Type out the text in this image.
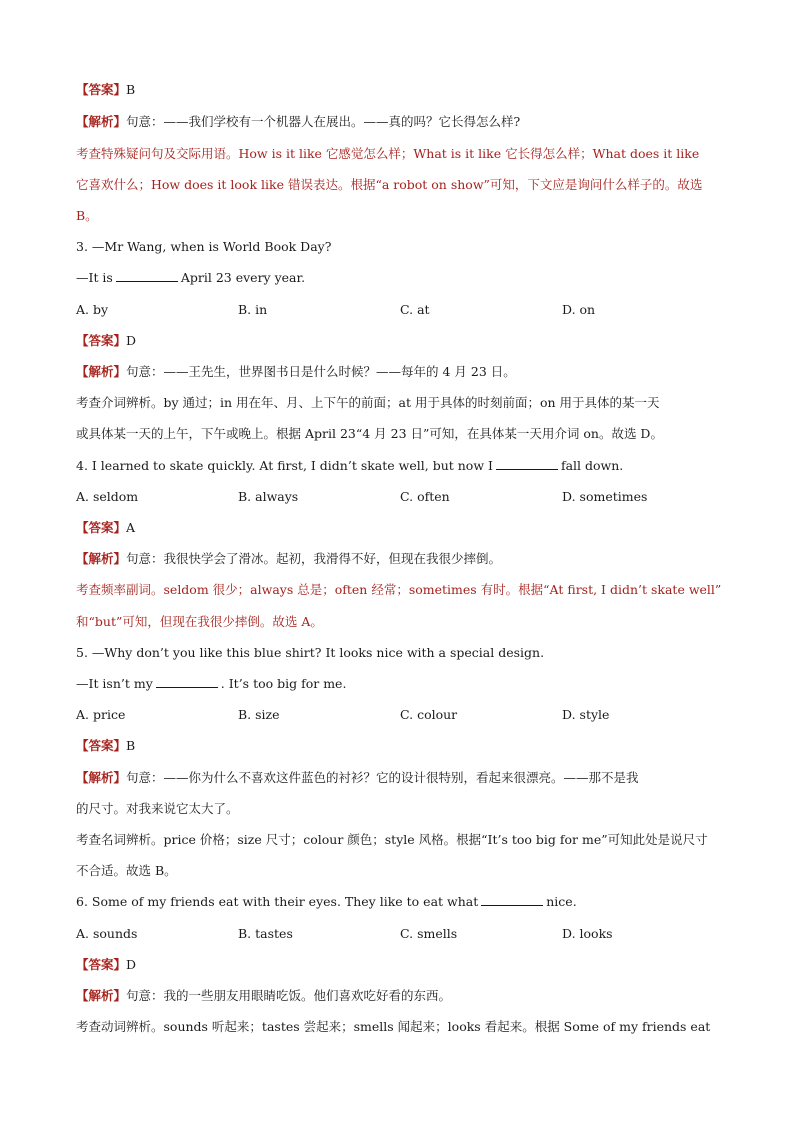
【答案】B
【解析】句意：——我们学校有一个机器人在展出。——真的吗？它长得怎么样?
考查特殊疑问句及交际用语。How is it like 它感觉怎么样；What is it like 它长得怎么样；What does it like
它喜欢什么；How does it look like 错误表达。根据“a robot on show”可知，下文应是询问什么样子的。故选
B。
3. —Mr Wang, when is World Book Day?
—It is	April 23 every year.
A. by	B. in	C. at	D. on
【答案】D
【解析】句意：——王先生，世界图书日是什么时候？——每年的 4 月 23 日。
考查介词辨析。by 通过；in 用在年、月、上下午的前面；at 用于具体的时刻前面；on 用于具体的某一天
或具体某一天的上午，下午或晚上。根据 April 23“4 月 23 日”可知，在具体某一天用介词 on。故选 D。
4. I learned to skate quickly. At first, I didn’t skate well, but now I	fall down.
A. seldom	B. always	C. often	D. sometimes
【答案】A
【解析】句意：我很快学会了滑冰。起初，我滑得不好，但现在我很少摔倒。
考查频率副词。seldom 很少；always 总是；often 经常；sometimes 有时。根据“At first, I didn’t skate well”
和“but”可知，但现在我很少摔倒。故选 A。
5. —Why don’t you like this blue shirt? It looks nice with a special design.
—It isn’t my	. It’s too big for me.
A. price	B. size	C. colour	D. style
【答案】B
【解析】句意：——你为什么不喜欢这件蓝色的衬衫？它的设计很特别，看起来很漂亮。——那不是我
的尺寸。对我来说它太大了。
考查名词辨析。price 价格；size 尺寸；colour 颜色；style 风格。根据“It’s too big for me”可知此处是说尺寸
不合适。故选 B。
6. Some of my friends eat with their eyes. They like to eat what	nice.
A. sounds	B. tastes	C. smells	D. looks
【答案】D
【解析】句意：我的一些朋友用眼睛吃饭。他们喜欢吃好看的东西。
考查动词辨析。sounds 听起来；tastes 尝起来；smells 闻起来；looks 看起来。根据 Some of my friends eat
